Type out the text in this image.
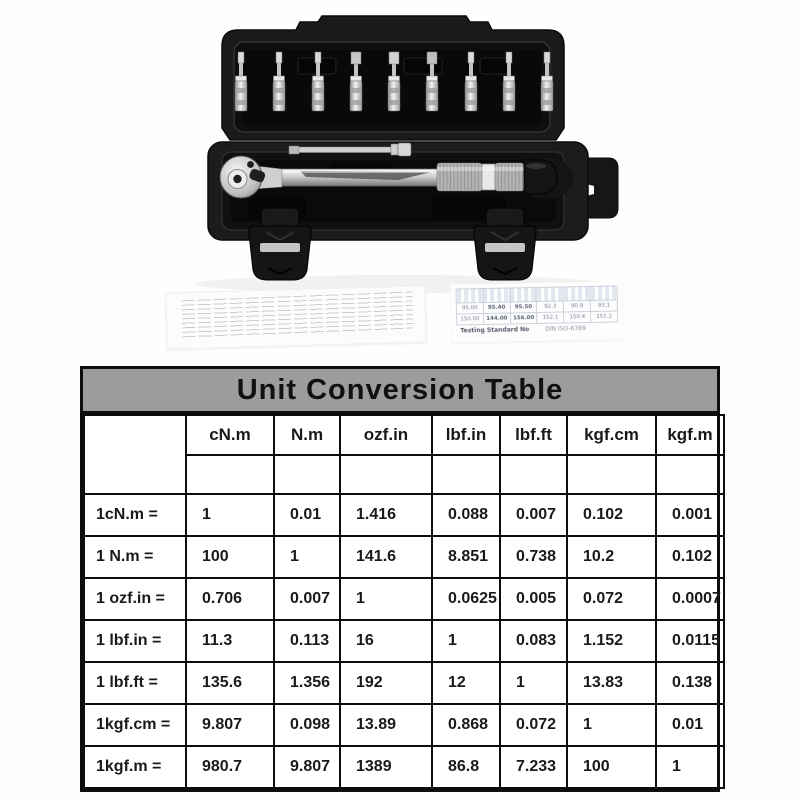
95.00	95.40	95.50	92.3	90.9	93.1
150.00	144.00	156.00	152.1	150.4	151.2
Testing Standard No	DIN ISO-6789
Unit Conversion Table
	cN.m	N.m	ozf.in	lbf.in	lbf.ft	kgf.cm	kgf.m

1cN.m =	1	0.01	1.416	0.088	0.007	0.102	0.001
1 N.m =	100	1	141.6	8.851	0.738	10.2	0.102
1 ozf.in =	0.706	0.007	1	0.0625	0.005	0.072	0.0007
1 lbf.in =	11.3	0.113	16	1	0.083	1.152	0.0115
1 lbf.ft =	135.6	1.356	192	12	1	13.83	0.138
1kgf.cm =	9.807	0.098	13.89	0.868	0.072	1	0.01
1kgf.m =	980.7	9.807	1389	86.8	7.233	100	1
